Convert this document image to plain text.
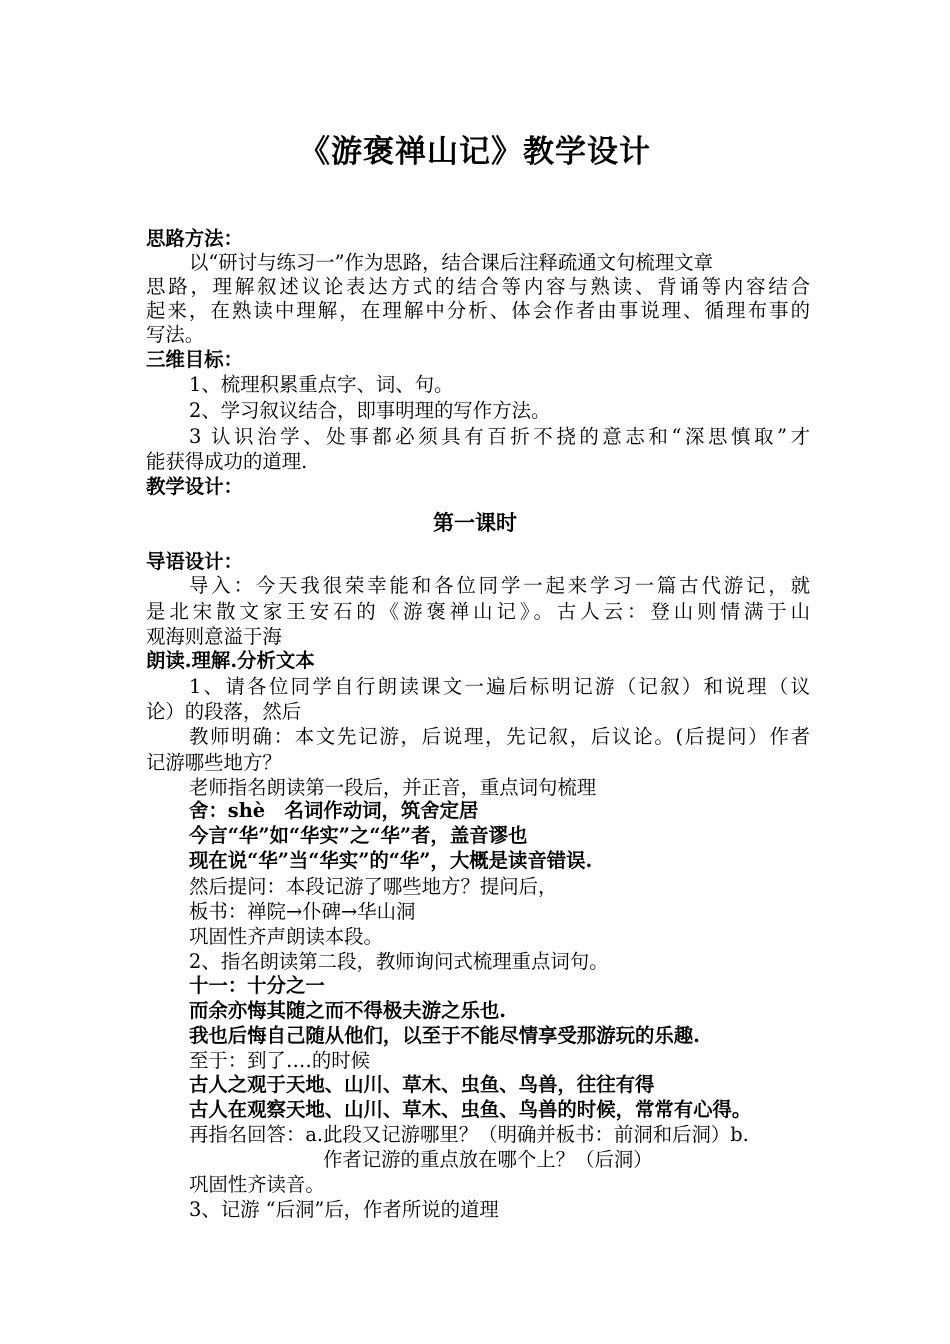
《游褒禅山记》教学设计
思路方法：
以“研讨与练习一”作为思路，结合课后注释疏通文句梳理文章
思路，理解叙述议论表达方式的结合等内容与熟读、背诵等内容结合
起来，在熟读中理解，在理解中分析、体会作者由事说理、循理布事的
写法。
三维目标：
1、梳理积累重点字、词、句。
2、学习叙议结合，即事明理的写作方法。
3 认识治学、处事都必须具有百折不挠的意志和“深思慎取”才
能获得成功的道理.
教学设计：
第一课时
导语设计：
导入：今天我很荣幸能和各位同学一起来学习一篇古代游记，就
是北宋散文家王安石的《游褒禅山记》。古人云：登山则情满于山
观海则意溢于海
朗读.理解.分析文本
1、请各位同学自行朗读课文一遍后标明记游（记叙）和说理（议
论）的段落，然后
教师明确：本文先记游，后说理，先记叙，后议论。(后提问）作者
记游哪些地方？
老师指名朗读第一段后，并正音，重点词句梳理
舍：shè　名词作动词，筑舍定居
今言“华”如“华实”之“华”者，盖音谬也
现在说“华”当“华实”的“华”，大概是读音错误.
然后提问：本段记游了哪些地方？提问后，
板书：禅院→仆碑→华山洞
巩固性齐声朗读本段。
2、指名朗读第二段，教师询问式梳理重点词句。
十一：十分之一
而余亦悔其随之而不得极夫游之乐也.
我也后悔自己随从他们，以至于不能尽情享受那游玩的乐趣.
至于：到了‥‥的时候
古人之观于天地、山川、草木、虫鱼、鸟兽，往往有得
古人在观察天地、山川、草木、虫鱼、鸟兽的时候，常常有心得。
再指名回答：a.此段又记游哪里？（明确并板书：前洞和后洞）b.
作者记游的重点放在哪个上？（后洞）
巩固性齐读音。
3、记游 “后洞”后，作者所说的道理
